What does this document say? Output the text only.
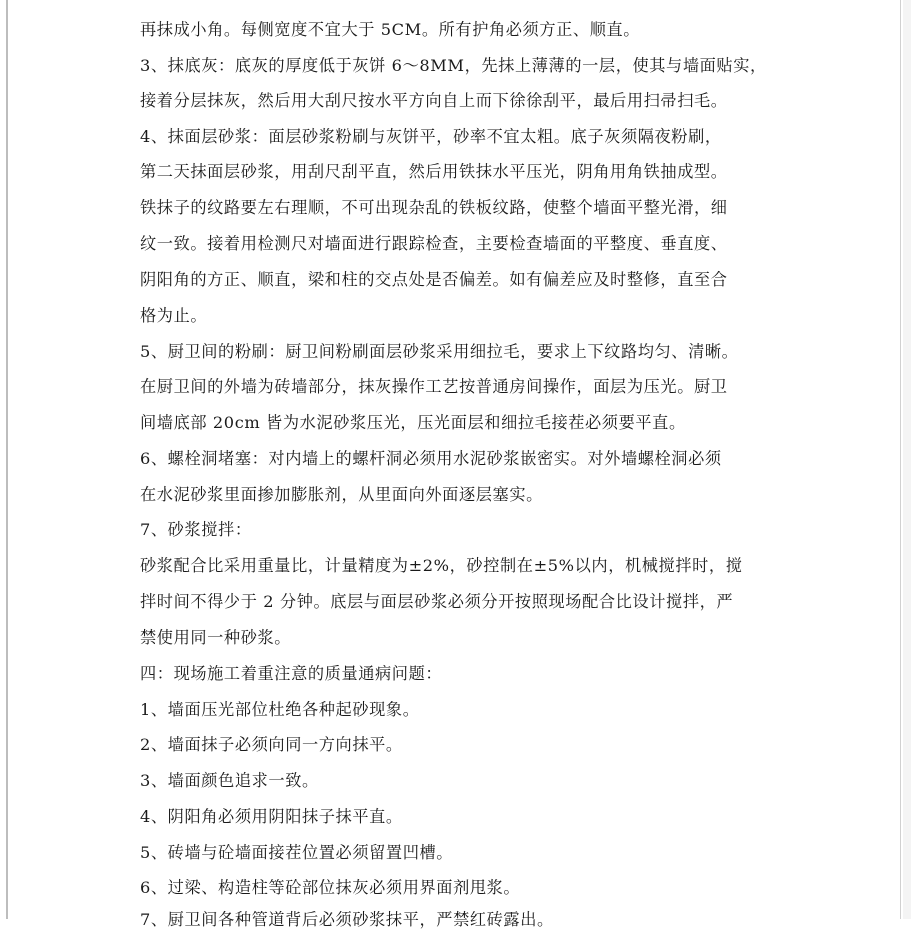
再抹成小角。每侧宽度不宜大于 5CM。所有护角必须方正、顺直。

3、抹底灰：底灰的厚度低于灰饼 6～8MM，先抹上薄薄的一层，使其与墙面贴实，

接着分层抹灰，然后用大刮尺按水平方向自上而下徐徐刮平，最后用扫帚扫毛。

4、抹面层砂浆：面层砂浆粉刷与灰饼平，砂率不宜太粗。底子灰须隔夜粉刷，

第二天抹面层砂浆，用刮尺刮平直，然后用铁抹水平压光，阴角用角铁抽成型。

铁抹子的纹路要左右理顺，不可出现杂乱的铁板纹路，使整个墙面平整光滑，细

纹一致。接着用检测尺对墙面进行跟踪检查，主要检查墙面的平整度、垂直度、

阴阳角的方正、顺直，梁和柱的交点处是否偏差。如有偏差应及时整修，直至合

格为止。

5、厨卫间的粉刷：厨卫间粉刷面层砂浆采用细拉毛，要求上下纹路均匀、清晰。

在厨卫间的外墙为砖墙部分，抹灰操作工艺按普通房间操作，面层为压光。厨卫

间墙底部 20cm 皆为水泥砂浆压光，压光面层和细拉毛接茬必须要平直。

6、螺栓洞堵塞：对内墙上的螺杆洞必须用水泥砂浆嵌密实。对外墙螺栓洞必须

在水泥砂浆里面掺加膨胀剂，从里面向外面逐层塞实。

7、砂浆搅拌：

砂浆配合比采用重量比，计量精度为±2%，砂控制在±5%以内，机械搅拌时，搅

拌时间不得少于 2 分钟。底层与面层砂浆必须分开按照现场配合比设计搅拌，严

禁使用同一种砂浆。

四：现场施工着重注意的质量通病问题：

1、墙面压光部位杜绝各种起砂现象。

2、墙面抹子必须向同一方向抹平。

3、墙面颜色追求一致。

4、阴阳角必须用阴阳抹子抹平直。

5、砖墙与砼墙面接茬位置必须留置凹槽。

6、过梁、构造柱等砼部位抹灰必须用界面剂甩浆。

7、厨卫间各种管道背后必须砂浆抹平，严禁红砖露出。
